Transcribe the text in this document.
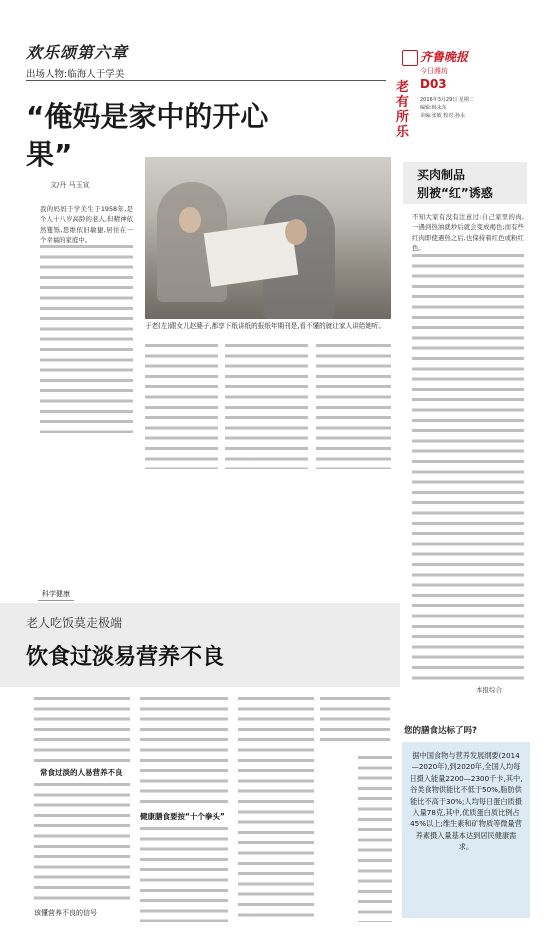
欢乐颂第六章
出场人物:临海人于学美
“俺妈是家中的开心果”
于老(左)跟女儿赵婆子,都享下纸讲纸的报纸年期刊是,看不懂的就让家人讲给她听。
文/丹 马玉宣
我的妈妈于学美生于1958年,是个人十八岁高龄的老人,但精神依然矍铄,思维依旧敏捷,居住在一个幸福的家庭中。
齐鲁晚报
今日潍坊
D03
2016年3月29日 星期二
编辑:韩永东
美编:张敏 校对:孙永
老有所乐
买肉制品
别被“红”诱惑
不知大家有没有注意过:自己家里的肉,一遇到热油就炒后就会变成褐色;而有些红肉即使遇热之后,也保持着红色或粉红色。
本报综合
科学健康
老人吃饭莫走极端
饮食过淡易营养不良
常食过淡的人易营养不良
该懂营养不良的信号
健康膳食要按“十个拳头”
您的膳食达标了吗?
据中国食物与营养发展纲要(2014—2020年),到2020年,全国人均每日摄入能量2200—2300千卡,其中,谷类食物供能比不低于50%,脂肪供能比不高于30%;人均每日蛋白质摄入量78克,其中,优质蛋白质比例占45%以上;维生素和矿物质等微量营养素摄入量基本达到居民健康需求。
